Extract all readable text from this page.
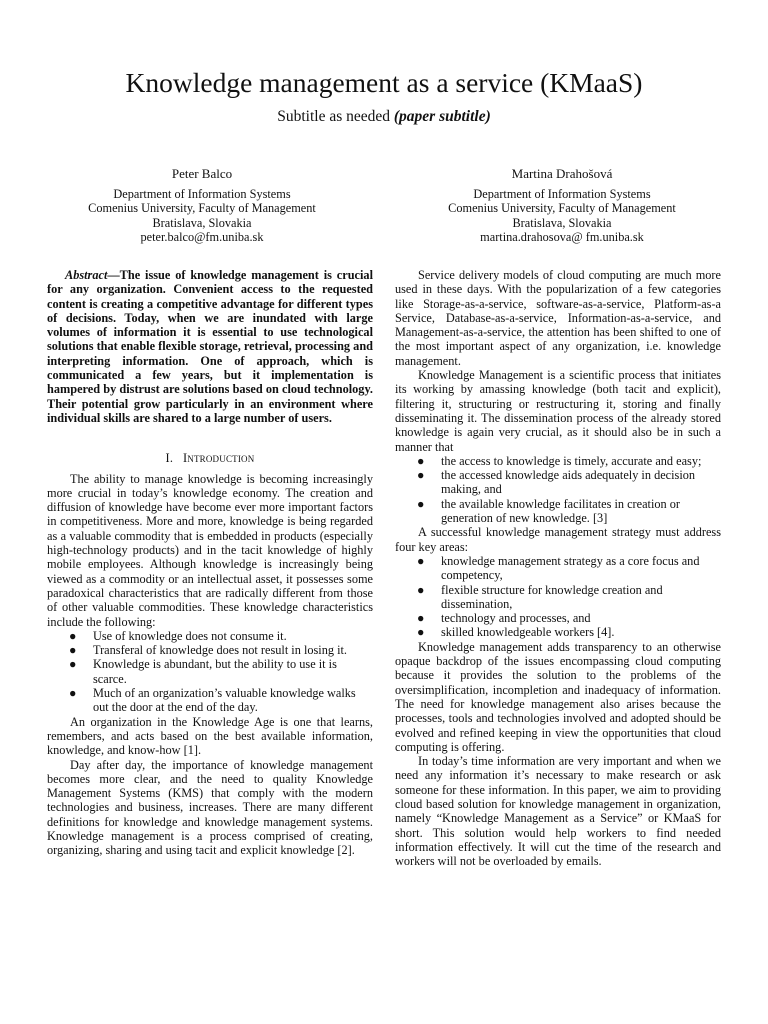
Knowledge management as a service (KMaaS)
Subtitle as needed (paper subtitle)
Peter Balco
Department of Information Systems
Comenius University, Faculty of Management
Bratislava, Slovakia
peter.balco@fm.uniba.sk
Martina Drahošová
Department of Information Systems
Comenius University, Faculty of Management
Bratislava, Slovakia
martina.drahosova@ fm.uniba.sk

Abstract—The issue of knowledge management is crucial for any organization. Convenient access to the requested content is creating a competitive advantage for different types of decisions. Today, when we are inundated with large volumes of information it is essential to use technological solutions that enable flexible storage, retrieval, processing and interpreting information. One of approach, which is communicated a few years, but it implementation is hampered by distrust are solutions based on cloud technology. Their potential grow particularly in an environment where individual skills are shared to a large number of users.

I. Introduction

The ability to manage knowledge is becoming increasingly more crucial in today’s knowledge economy. The creation and diffusion of knowledge have become ever more important factors in competitiveness. More and more, knowledge is being regarded as a valuable commodity that is embedded in products (especially high-technology products) and in the tacit knowledge of highly mobile employees. Although knowledge is increasingly being viewed as a commodity or an intellectual asset, it possesses some paradoxical characteristics that are radically different from those of other valuable commodities. These knowledge characteristics include the following:

● Use of knowledge does not consume it.
● Transferal of knowledge does not result in losing it.
● Knowledge is abundant, but the ability to use it is scarce.
● Much of an organization’s valuable knowledge walks out the door at the end of the day.

An organization in the Knowledge Age is one that learns, remembers, and acts based on the best available information, knowledge, and know-how [1].

Day after day, the importance of knowledge management becomes more clear, and the need to quality Knowledge Management Systems (KMS) that comply with the modern technologies and business, increases. There are many different definitions for knowledge and knowledge management systems. Knowledge management is a process comprised of creating, organizing, sharing and using tacit and explicit knowledge [2].

Service delivery models of cloud computing are much more used in these days. With the popularization of a few categories like Storage-as-a-service, software-as-a-service, Platform-as-a Service, Database-as-a-service, Information-as-a-service, and Management-as-a-service, the attention has been shifted to one of the most important aspect of any organization, i.e. knowledge management.

Knowledge Management is a scientific process that initiates its working by amassing knowledge (both tacit and explicit), filtering it, structuring or restructuring it, storing and finally disseminating it. The dissemination process of the already stored knowledge is again very crucial, as it should also be in such a manner that

● the access to knowledge is timely, accurate and easy;
● the accessed knowledge aids adequately in decision making, and
● the available knowledge facilitates in creation or generation of new knowledge. [3]

A successful knowledge management strategy must address four key areas:

● knowledge management strategy as a core focus and competency,
● flexible structure for knowledge creation and dissemination,
● technology and processes, and
● skilled knowledgeable workers [4].

Knowledge management adds transparency to an otherwise opaque backdrop of the issues encompassing cloud computing because it provides the solution to the problems of the oversimplification, incompletion and inadequacy of information. The need for knowledge management also arises because the processes, tools and technologies involved and adopted should be evolved and refined keeping in view the opportunities that cloud computing is offering.

In today’s time information are very important and when we need any information it’s necessary to make research or ask someone for these information. In this paper, we aim to providing cloud based solution for knowledge management in organization, namely “Knowledge Management as a Service” or KMaaS for short. This solution would help workers to find needed information effectively. It will cut the time of the research and workers will not be overloaded by emails.
